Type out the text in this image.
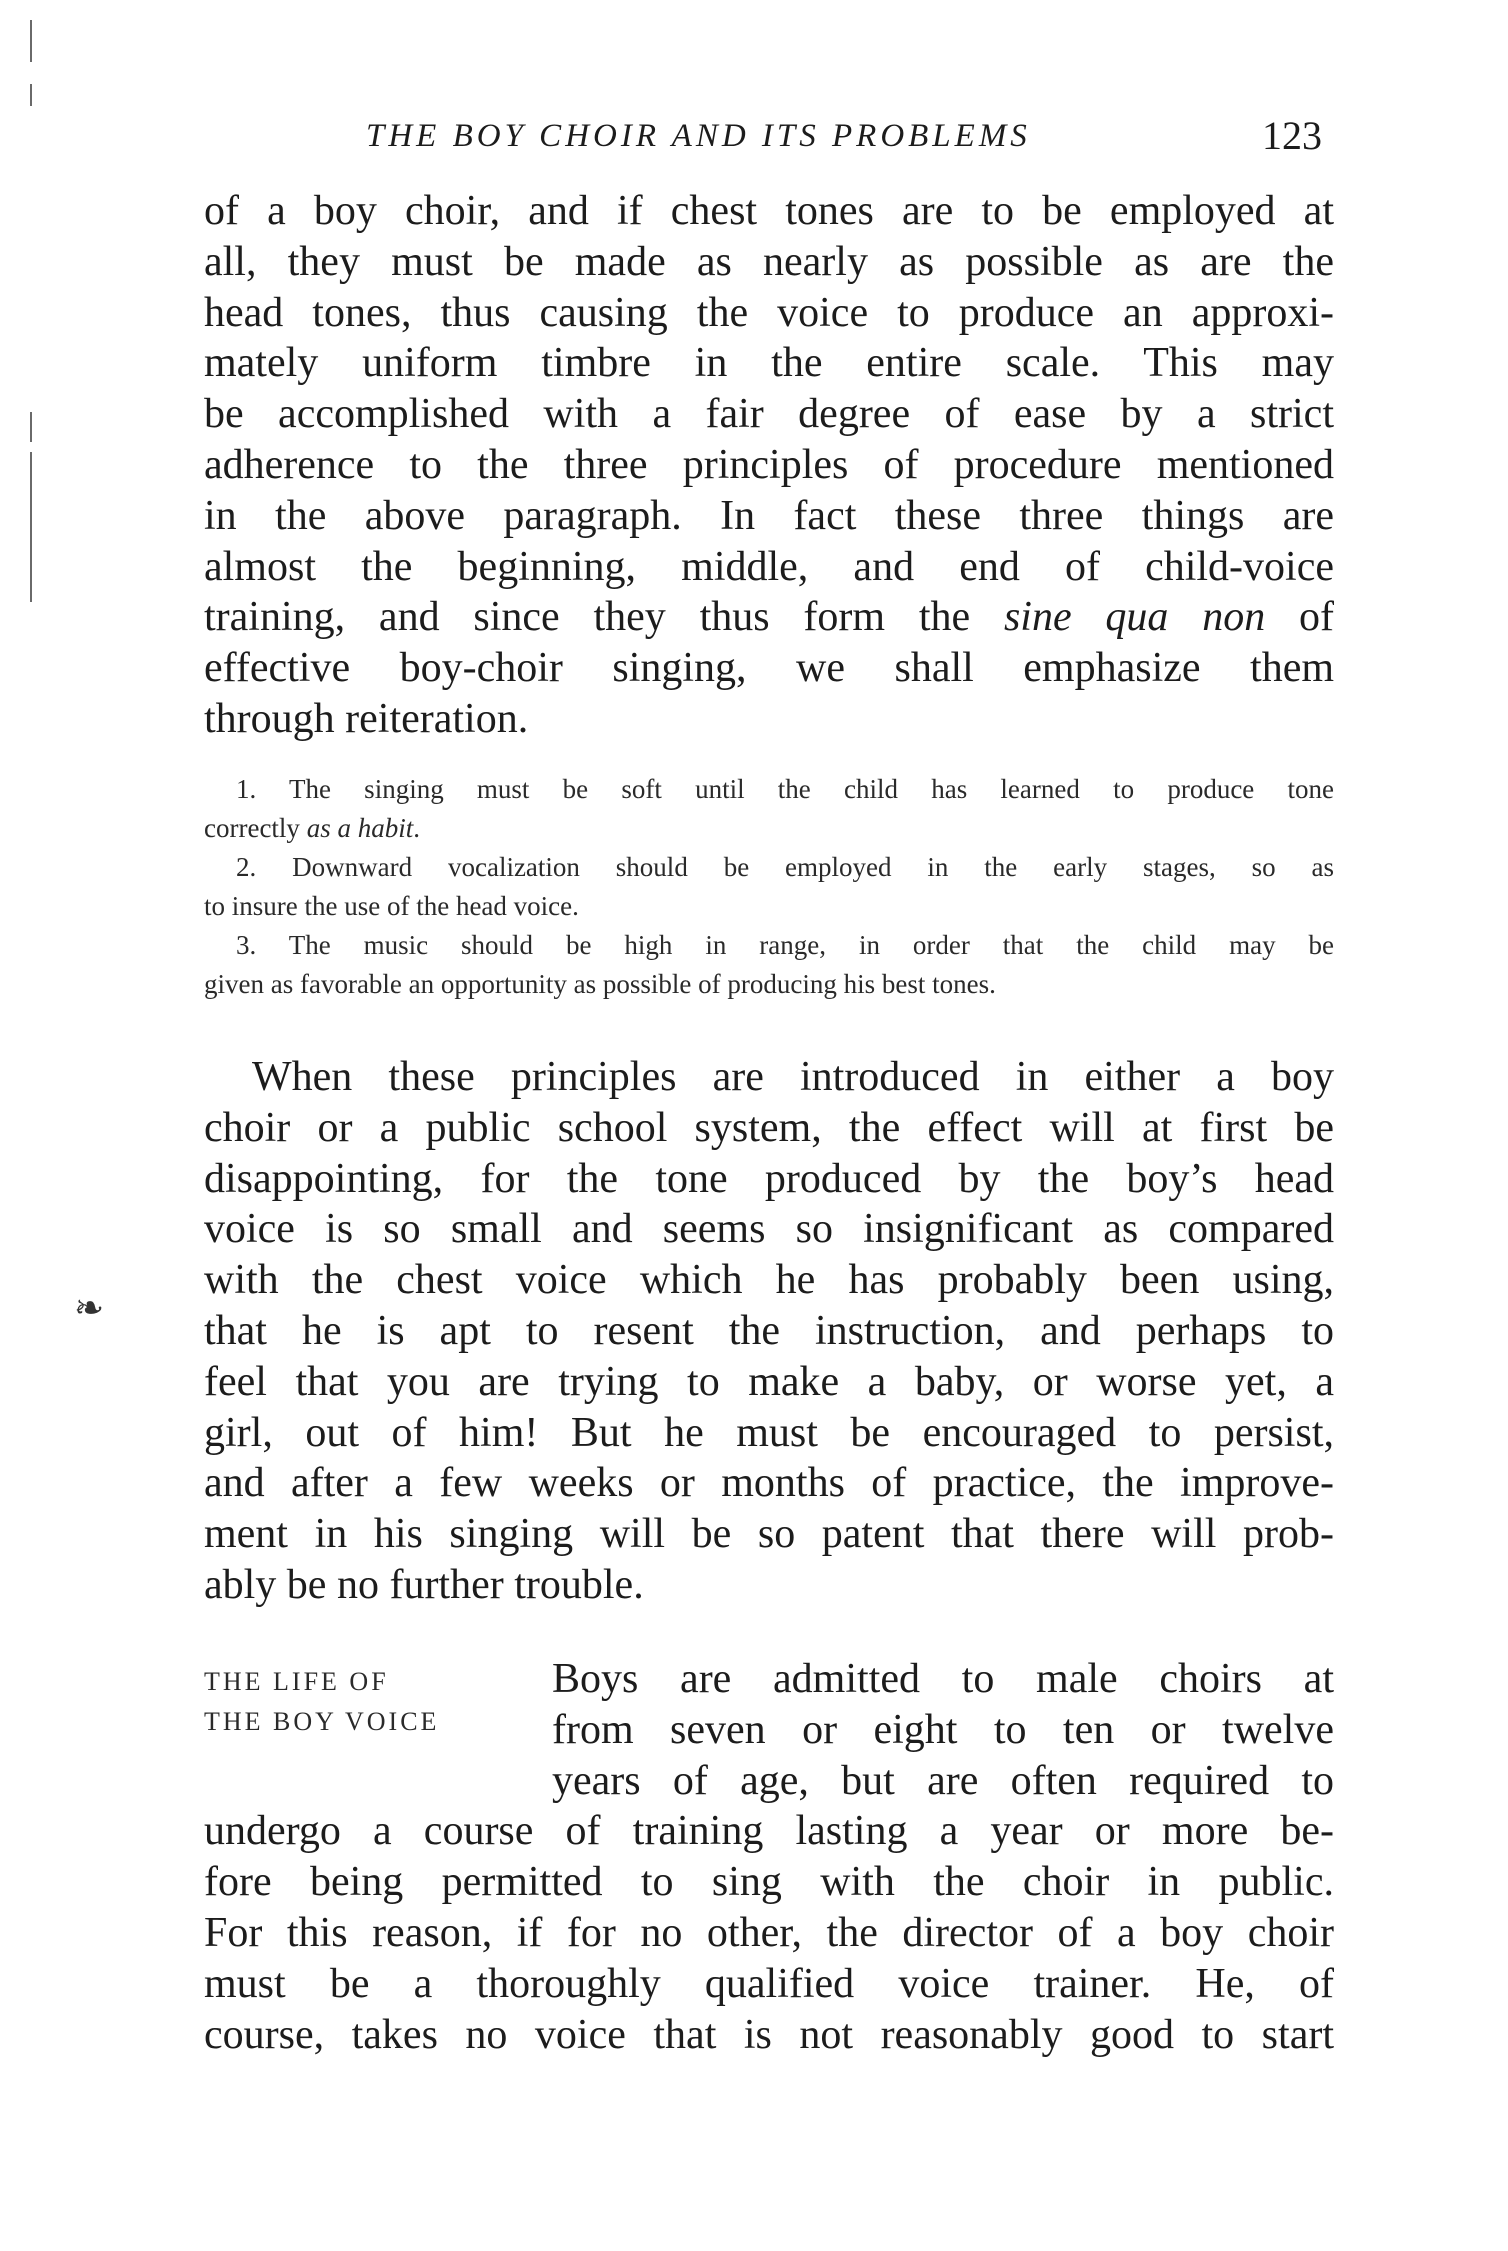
❧
THE BOY CHOIR AND ITS PROBLEMS	123
of a boy choir, and if chest tones are to be employed at
all, they must be made as nearly as possible as are the
head tones, thus causing the voice to produce an approxi-
mately uniform timbre in the entire scale. This may
be accomplished with a fair degree of ease by a strict
adherence to the three principles of procedure mentioned
in the above paragraph. In fact these three things are
almost the beginning, middle, and end of child-voice
training, and since they thus form the sine qua non of
effective boy-choir singing, we shall emphasize them
through reiteration.
1. The singing must be soft until the child has learned to produce tone
correctly as a habit.
2. Downward vocalization should be employed in the early stages, so as
to insure the use of the head voice.
3. The music should be high in range, in order that the child may be
given as favorable an opportunity as possible of producing his best tones.
When these principles are introduced in either a boy
choir or a public school system, the effect will at first be
disappointing, for the tone produced by the boy’s head
voice is so small and seems so insignificant as compared
with the chest voice which he has probably been using,
that he is apt to resent the instruction, and perhaps to
feel that you are trying to make a baby, or worse yet, a
girl, out of him! But he must be encouraged to persist,
and after a few weeks or months of practice, the improve-
ment in his singing will be so patent that there will prob-
ably be no further trouble.
THE LIFE OF
THE BOY VOICE
Boys are admitted to male choirs at
from seven or eight to ten or twelve
years of age, but are often required to
undergo a course of training lasting a year or more be-
fore being permitted to sing with the choir in public.
For this reason, if for no other, the director of a boy choir
must be a thoroughly qualified voice trainer. He, of
course, takes no voice that is not reasonably good to start
